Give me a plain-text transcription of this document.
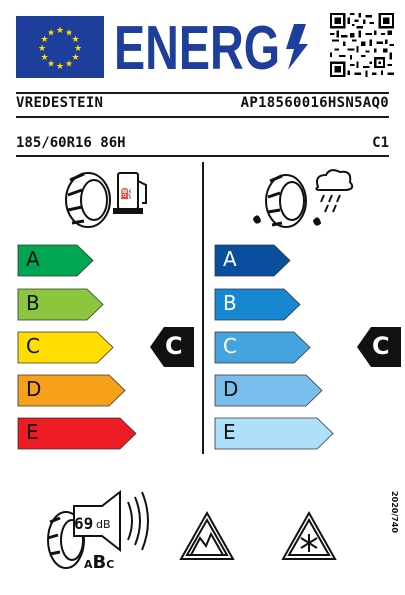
★ ★
★
★
★
★
★
★
★
★
★
★ ENERG
VREDESTEIN	AP18560016HSN5AQ0
185/60R16 86H	C1
⛽
A
B
C
D
E
A
B
C
D
E
C	C
69 dB
ABC
2020/740
